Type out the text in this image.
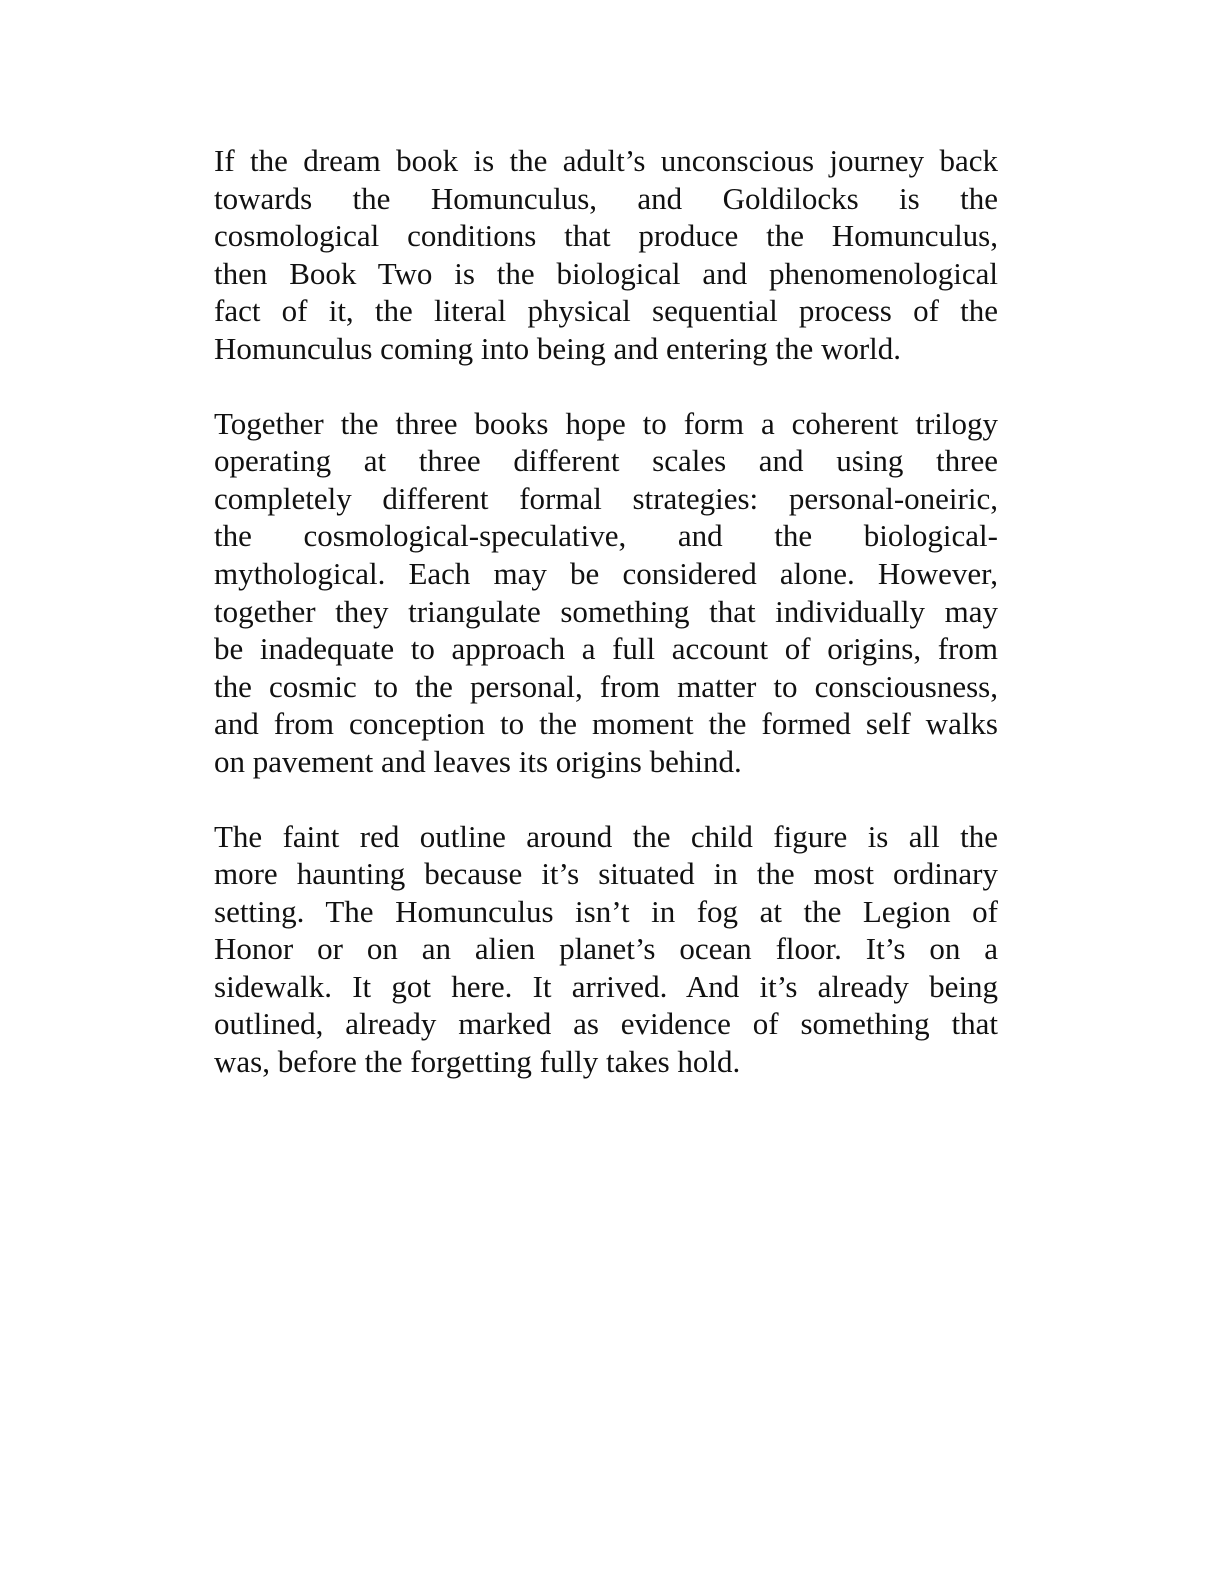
If the dream book is the adult’s unconscious journey back
towards the Homunculus, and Goldilocks is the
cosmological conditions that produce the Homunculus,
then Book Two is the biological and phenomenological
fact of it, the literal physical sequential process of the
Homunculus coming into being and entering the world.

Together the three books hope to form a coherent trilogy
operating at three different scales and using three
completely different formal strategies: personal-oneiric,
the cosmological-speculative, and the biological-
mythological. Each may be considered alone. However,
together they triangulate something that individually may
be inadequate to approach a full account of origins, from
the cosmic to the personal, from matter to consciousness,
and from conception to the moment the formed self walks
on pavement and leaves its origins behind.

The faint red outline around the child figure is all the
more haunting because it’s situated in the most ordinary
setting. The Homunculus isn’t in fog at the Legion of
Honor or on an alien planet’s ocean floor. It’s on a
sidewalk. It got here. It arrived. And it’s already being
outlined, already marked as evidence of something that
was, before the forgetting fully takes hold.
